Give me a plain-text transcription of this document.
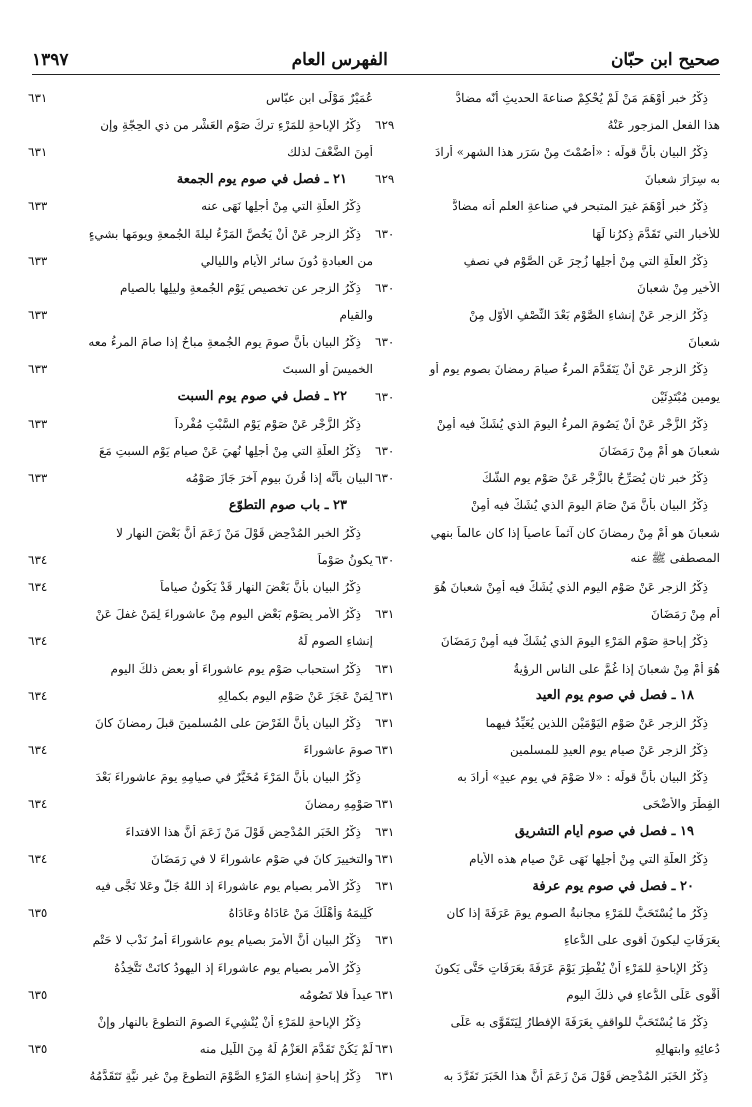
صحيح ابن حبّان
الفهرس العام
١٣٩٧
ذِكْرُ خبرٍ أَوْهَمَ مَنْ لَمْ يُحْكِمْ صناعةَ الحديثِ أنّه مضادُّ
هذا الفعلِ المزجورِ عَنْهُ
٦٢٩
ذِكْرُ البيانِ بأنَّ قولَه : «أَصُمْتَ مِنْ سَرَرِ هذا الشهرِ» أرادَ
به سِرَارَ شعبانَ
٦٢٩
ذِكْرُ خبرٍ أَوْهَمَ غيرَ المتبحرِ في صناعةِ العلمِ أنه مضادٌّ
للأخبارِ التي تَقَدَّمَ ذِكرُنا لَهَا
٦٣٠
ذِكْرُ العلّةِ التي مِنْ أجلِها زُجِرَ عَنِ الصَّوْمِ في نصفِ
الأخيرِ مِنْ شعبانَ
٦٣٠
ذِكْرُ الزجرِ عَنْ إنشاءِ الصَّوْمِ بَعْدَ النِّصْفِ الأوّلِ مِنْ
شعبانَ
٦٣٠
ذِكْرُ الزجرِ عَنْ أَنْ يَتَقَدَّمَ المرءُ صيامَ رمضانَ بصومِ يومٍ أو
يومينِ مُبْتَدِئَيْن
٦٣٠
ذِكْرُ الزَّجْرِ عَنْ أَنْ يَصُومَ المرءُ اليومَ الذي يُشَكُّ فيه أَمِنْ
شعبانَ هو أَمْ مِنْ رَمَضَانَ
٦٣٠
ذِكْرُ خبرٍ ثانٍ يُصَرِّحُ بالزَّجْرِ عَنْ صَوْمِ يومِ الشَّكِّ
٦٣٠
ذِكْرُ البيانِ بأنَّ مَنْ صَامَ اليومَ الذي يُشَكُّ فيه أَمِنْ
شعبانَ هو أَمْ مِنْ رمضانَ كان آثماً عاصياً إذا كان عالماً بنهيِ
المصطفى ﷺ عنه
٦٣٠
ذِكْرُ الزجرِ عَنْ صَوْمِ اليومِ الذي يُشَكُّ فيه أَمِنْ شعبانَ هُوَ
أَم مِنْ رَمَضَانَ
٦٣١
ذِكْرُ إباحةِ صَوْمِ المَرْءِ اليومَ الذي يُشَكُّ فيه أَمِنْ رَمَضَانَ
هُوَ أَمْ مِنْ شعبانَ إذا غُمَّ على الناسِ الرؤيةُ
٦٣١
١٨ ـ فصل في صوم يوم العيد
٦٣١
ذِكْرُ الزجرِ عَنْ صَوْمِ اليَوْمَيْنِ اللذينِ يُعَيِّدُ فيهما
٦٣١
ذِكْرُ الزجرِ عَنْ صيامِ يومِ العيدِ للمسلمين
٦٣١
ذِكْرُ البيانِ بأنَّ قولَه : «لا صَوْمَ في يومِ عيدٍ» أرادَ به
الفِطْرَ والأَضْحَى
٦٣١
١٩ ـ فصل في صوم أيام التشريق
٦٣١
ذِكْرُ العلّةِ التي مِنْ أجلِها نَهَى عَنْ صيامِ هذه الأيامِ
٦٣١
٢٠ ـ فصل في صوم يوم عرفة
٦٣١
ذِكْرُ ما يُسْتَحَبُّ للمَرْءِ مجانبةُ الصومِ يومَ عَرَفَةَ إذا كان
بِعَرَفَاتٍ ليكونَ أقوى على الدُّعاءِ
٦٣١
ذِكْرُ الإباحةِ للمَرْءِ أَنْ يُفْطِرَ يَوْمَ عَرَفَةَ بعَرَفَاتٍ حَتَّى يَكونَ
أَقْوى عَلَى الدُّعاءِ في ذلكَ اليومِ
٦٣١
ذِكْرُ مَا يُسْتَحَبُّ للواقفِ بِعَرَفَةَ الإفطارُ لِيَتَقَوَّى به عَلَى
دُعائِهِ وابتهالِهِ
٦٣١
ذِكْرُ الخَبَرِ المُدْحِضِ قَوْلَ مَنْ زَعَمَ أَنَّ هذا الخَبَرَ تَفَرَّدَ به
٦٣١
عُمَيْرٌ مَوْلَى ابنِ عبّاسٍ
٦٣١
ذِكْرُ الإباحةِ للمَرْءِ تركَ صَوْمِ العَشْرِ من ذي الحِجّةِ وإن
أَمِنَ الضَّعْفَ لذلك
٦٣١
٢١ ـ فصل في صوم يوم الجمعة
ذِكْرُ العلّةِ التي مِنْ أجلِها نَهَى عنه
٦٣٣
ذِكْرُ الزجرِ عَنْ أَنْ يَخُصَّ المَرْءُ ليلةَ الجُمعةِ ويومَها بشيءٍ
من العبادةِ دُونَ سائرِ الأيامِ والليالي
٦٣٣
ذِكْرُ الزجرِ عن تخصيصِ يَوْمِ الجُمعةِ وليلِها بالصيامِ
والقيامِ
٦٣٣
ذِكْرُ البيانِ بأنَّ صومَ يومِ الجُمعةِ مباحٌ إذا صامَ المرءُ معه
الخميسَ أو السبتَ
٦٣٣
٢٢ ـ فصل في صوم يوم السبت
ذِكْرُ الزَّجْرِ عَنْ صَوْمِ يَوْمِ السَّبْتِ مُفْرداً
٦٣٣
ذِكْرُ العلّةِ التي مِنْ أجلِها نُهِيَ عَنْ صيامِ يَوْمِ السبتِ مَعَ
البيانِ بأنَّه إذا قُرِنَ بيومٍ آخرَ جَازَ صَوْمُه
٦٣٣
٢٣ ـ باب صوم التطوّع
ذِكْرُ الخبرِ المُدْحِضِ قَوْلَ مَنْ زَعَمَ أَنَّ بَعْضَ النهارِ لا
يكونُ صَوْماً
٦٣٤
ذِكْرُ البيانِ بأَنَّ بَعْضَ النهارِ قَدْ يَكُونُ صياماً
٦٣٤
ذِكْرُ الأمرِ بِصَوْمِ بَعْضِ اليومِ مِنْ عاشوراءَ لِمَنْ غفلَ عَنْ
إنشاءِ الصومِ لَهُ
٦٣٤
ذِكْرُ استحبابِ صَوْمِ يومِ عاشوراءَ أو بعضِ ذلكَ اليومِ
لِمَنْ عَجَزَ عَنْ صَوْمِ اليومِ بكمالِهِ
٦٣٤
ذِكْرُ البيانِ بِأَنَّ الفَرْضَ على المُسلمينَ قبلَ رمضانَ كانَ
صومَ عاشوراءَ
٦٣٤
ذِكْرُ البيانِ بأنَّ المَرْءَ مُخَيَّرٌ في صيامِهِ يومَ عاشوراءَ بَعْدَ
صَوْمِهِ رمضانَ
٦٣٤
ذِكْرُ الخَبَرِ المُدْحِضِ قَوْلَ مَنْ زَعَمَ أَنَّ هذا الافتداءَ
والتخييرَ كانَ في صَوْمِ عاشوراءَ لا في رَمَضَانَ
٦٣٤
ذِكْرُ الأمرِ بصيامِ يومِ عاشوراءَ إذ اللهُ جَلَّ وعَلا نَجَّى فيه
كَلِيمَهُ وَأَهْلَكَ مَنْ عَادَاهُ وعَادَاهُ
٦٣٥
ذِكْرُ البيانِ أَنَّ الأمرَ بصيامِ يومِ عاشوراءَ أمرُ نَدْبٍ لا حَتْمٍ
ذِكْرُ الأمرِ بصيامِ يومِ عاشوراءَ إذ اليهودُ كانَتْ تَتَّخِذُهُ
عيداً فلا تَصُومُه
٦٣٥
ذِكْرُ الإباحةِ للمَرْءِ أَنْ يُنْشِيءَ الصومَ التطوعَ بالنهارِ وإنْ
لَمْ يَكُنْ تَقَدَّمَ العَزْمُ لَهُ مِنَ اللَّيلِ منه
٦٣٥
ذِكْرُ إباحةِ إنشاءِ المَرْءِ الصَّوْمَ التطوعَ مِنْ غيرِ نيَّةٍ تَتَقَدَّمُهُ
